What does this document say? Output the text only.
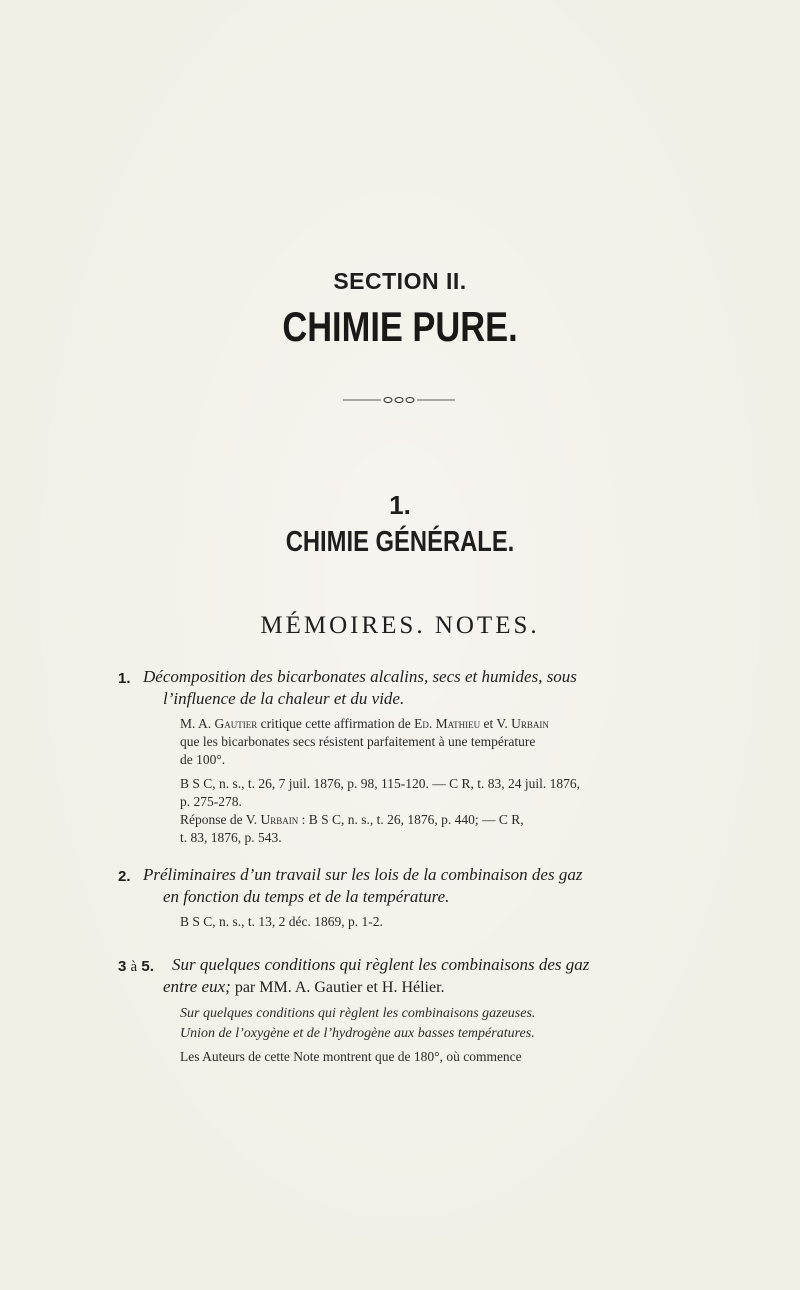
SECTION II.
CHIMIE PURE.
1.
CHIMIE GÉNÉRALE.
MÉMOIRES. NOTES.
1. Décomposition des bicarbonates alcalins, secs et humides, sous
l’influence de la chaleur et du vide.
M. A. Gautier critique cette affirmation de Ed. Mathieu et V. Urbain
que les bicarbonates secs résistent parfaitement à une température
de 100°.
B S C, n. s., t. 26, 7 juil. 1876, p. 98, 115-120. — C R, t. 83, 24 juil. 1876,
p. 275-278.
Réponse de V. Urbain : B S C, n. s., t. 26, 1876, p. 440; — C R,
t. 83, 1876, p. 543.
2. Préliminaires d’un travail sur les lois de la combinaison des gaz
en fonction du temps et de la température.
B S C, n. s., t. 13, 2 déc. 1869, p. 1-2.
3 à 5. Sur quelques conditions qui règlent les combinaisons des gaz
entre eux; par MM. A. Gautier et H. Hélier.
Sur quelques conditions qui règlent les combinaisons gazeuses.
Union de l’oxygène et de l’hydrogène aux basses températures.
Les Auteurs de cette Note montrent que de 180°, où commence
